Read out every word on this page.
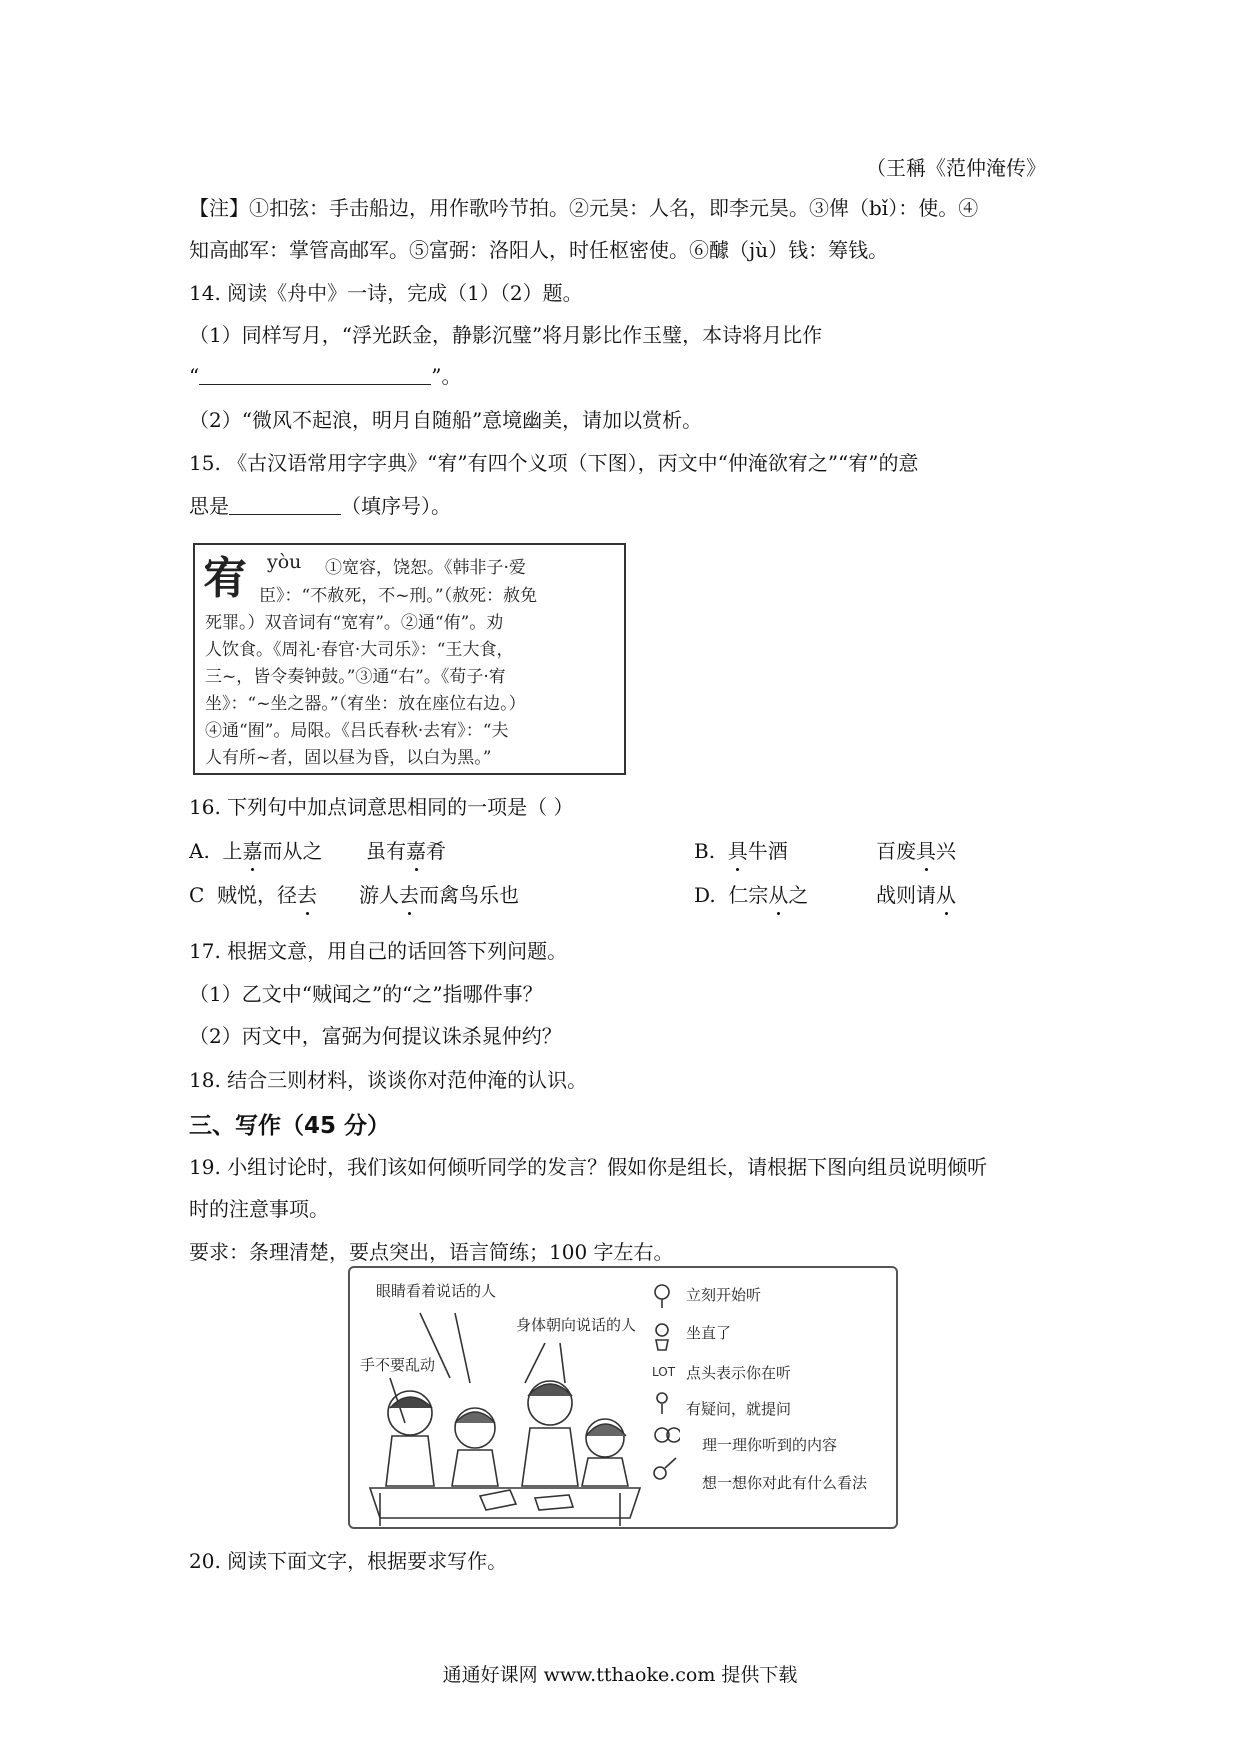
（王稱《范仲淹传》
【注】①扣弦：手击船边，用作歌吟节拍。②元昊：人名，即李元昊。③俾（bǐ）：使。④
知高邮军：掌管高邮军。⑤富弼：洛阳人，时任枢密使。⑥醵（jù）钱：筹钱。
14. 阅读《舟中》一诗，完成（1）（2）题。
（1）同样写月，“浮光跃金，静影沉璧”将月影比作玉璧，本诗将月比作
“	”。
（2）“微风不起浪，明月自随船”意境幽美，请加以赏析。
15. 《古汉语常用字字典》“宥”有四个义项（下图），丙文中“仲淹欲宥之”“宥”的意
思是	（填序号）。
宥 yòu ①宽容，饶恕。《韩非子·爱
臣》：“不赦死，不~刑。”（赦死：赦免
死罪。）双音词有“宽宥”。②通“侑”。劝
人饮食。《周礼·春官·大司乐》：“王大食，
三~，皆令奏钟鼓。”③通“右”。《荀子·宥
坐》：“~坐之器。”（宥坐：放在座位右边。）
④通“囿”。局限。《吕氏春秋·去宥》：“夫
人有所~者，固以昼为昏，以白为黑。”
16. 下列句中加点词意思相同的一项是（ ）
A. 上嘉而从之 虽有嘉肴	B. 具牛酒	百废具兴
C 贼悦，径去 游人去而禽鸟乐也	D. 仁宗从之	战则请从
17. 根据文意，用自己的话回答下列问题。
（1）乙文中“贼闻之”的“之”指哪件事？
（2）丙文中，富弼为何提议诛杀晁仲约？
18. 结合三则材料，谈谈你对范仲淹的认识。
三、写作（45 分）
19. 小组讨论时，我们该如何倾听同学的发言？假如你是组长，请根据下图向组员说明倾听
时的注意事项。
要求：条理清楚，要点突出，语言简练；100 字左右。
眼睛看着说话的人
身体朝向说话的人
手不要乱动	LOT
立刻开始听
坐直了
点头表示你在听
有疑问，就提问
理一理你听到的内容
想一想你对此有什么看法
20. 阅读下面文字，根据要求写作。
通通好课网 www.tthaoke.com 提供下载
